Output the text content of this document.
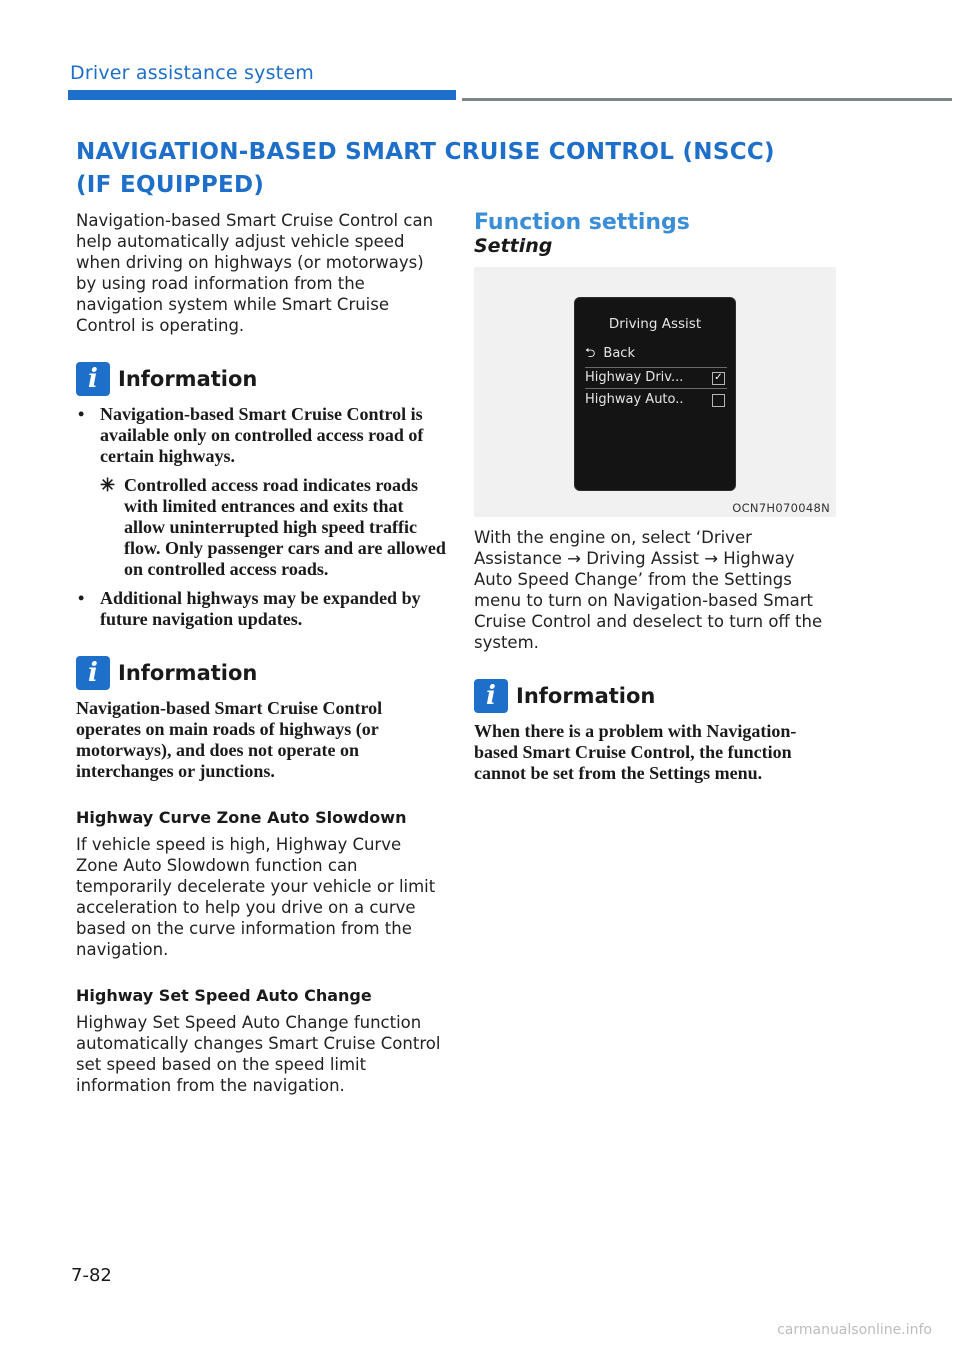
Driver assistance system
NAVIGATION-BASED SMART CRUISE CONTROL (NSCC)
(IF EQUIPPED)

Navigation-based Smart Cruise Control can help automatically adjust vehicle speed when driving on highways (or motorways) by using road information from the navigation system while Smart Cruise Control is operating.

i Information
• Navigation-based Smart Cruise Control is available only on controlled access road of certain highways.
✳ Controlled access road indicates roads with limited entrances and exits that allow uninterrupted high speed traffic flow. Only passenger cars and are allowed on controlled access roads.
• Additional highways may be expanded by future navigation updates.
i Information

Navigation-based Smart Cruise Control operates on main roads of highways (or motorways), and does not operate on interchanges or junctions.

Highway Curve Zone Auto Slowdown

If vehicle speed is high, Highway Curve Zone Auto Slowdown function can temporarily decelerate your vehicle or limit acceleration to help you drive on a curve based on the curve information from the navigation.

Highway Set Speed Auto Change

Highway Set Speed Auto Change function automatically changes Smart Cruise Control set speed based on the speed limit information from the navigation.

Function settings

Setting

Driving Assist
⮌ Back
Highway Driv...	✓
Highway Auto..
OCN7H070048N

With the engine on, select ‘Driver Assistance → Driving Assist → Highway Auto Speed Change’ from the Settings menu to turn on Navigation-based Smart Cruise Control and deselect to turn off the system.

i Information

When there is a problem with Navigation-based Smart Cruise Control, the function cannot be set from the Settings menu.

7-82
carmanualsonline.info
